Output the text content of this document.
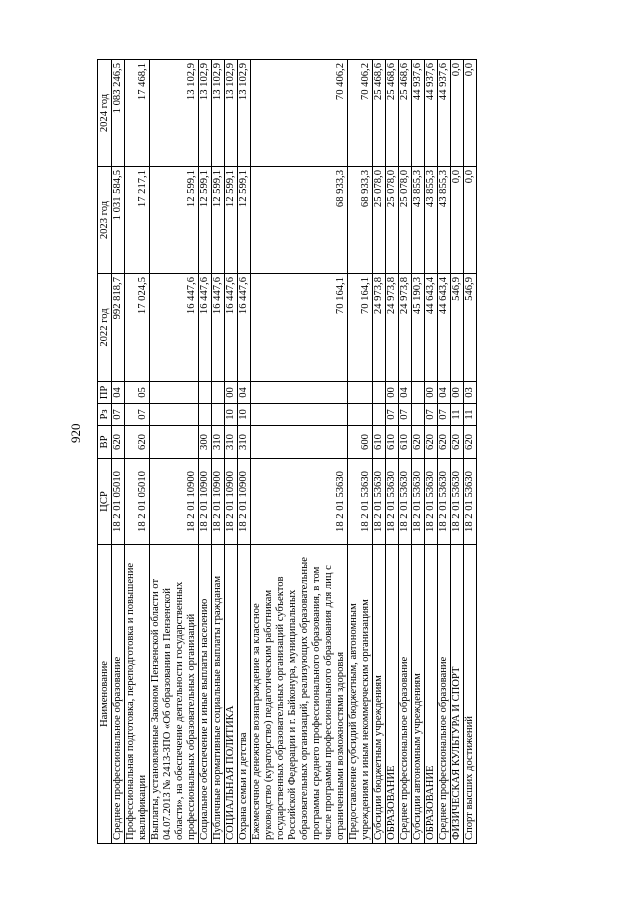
920
Наименование	ЦСР	ВР	Рз	ПР	2022 год	2023 год	2024 год
Среднее профессиональное образование	18 2 01 05010	620	07	04	992 818,7	1 031 584,5	1 083 246,5
Профессиональная подготовка, переподготовка и повышение квалификации	18 2 01 05010	620	07	05	17 024,5	17 217,1	17 468,1
Выплаты, установленные Законом Пензенской области от 04.07.2013 № 2413-ЗПО «Об образовании в Пензенской области», на обеспечение деятельности государственных профессиональных образовательных организаций	18 2 01 10900				16 447,6	12 599,1	13 102,9
Социальное обеспечение и иные выплаты населению	18 2 01 10900	300			16 447,6	12 599,1	13 102,9
Публичные нормативные социальные выплаты гражданам	18 2 01 10900	310			16 447,6	12 599,1	13 102,9
СОЦИАЛЬНАЯ ПОЛИТИКА	18 2 01 10900	310	10	00	16 447,6	12 599,1	13 102,9
Охрана семьи и детства	18 2 01 10900	310	10	04	16 447,6	12 599,1	13 102,9
Ежемесячное денежное вознаграждение за классное руководство (кураторство) педагогическим работникам государственных образовательных организаций субъектов Российской Федерации и г. Байконура, муниципальных образовательных организаций, реализующих образовательные программы среднего профессионального образования, в том числе программы профессионального образования для лиц с ограниченными возможностями здоровья	18 2 01 53630				70 164,1	68 933,3	70 406,2
Предоставление субсидий бюджетным, автономным учреждениям и иным некоммерческим организациям	18 2 01 53630	600			70 164,1	68 933,3	70 406,2
Субсидии бюджетным учреждениям	18 2 01 53630	610			24 973,8	25 078,0	25 468,6
ОБРАЗОВАНИЕ	18 2 01 53630	610	07	00	24 973,8	25 078,0	25 468,6
Среднее профессиональное образование	18 2 01 53630	610	07	04	24 973,8	25 078,0	25 468,6
Субсидии автономным учреждениям	18 2 01 53630	620			45 190,3	43 855,3	44 937,6
ОБРАЗОВАНИЕ	18 2 01 53630	620	07	00	44 643,4	43 855,3	44 937,6
Среднее профессиональное образование	18 2 01 53630	620	07	04	44 643,4	43 855,3	44 937,6
ФИЗИЧЕСКАЯ КУЛЬТУРА И СПОРТ	18 2 01 53630	620	11	00	546,9	0,0	0,0
Спорт высших достижений	18 2 01 53630	620	11	03	546,9	0,0	0,0
